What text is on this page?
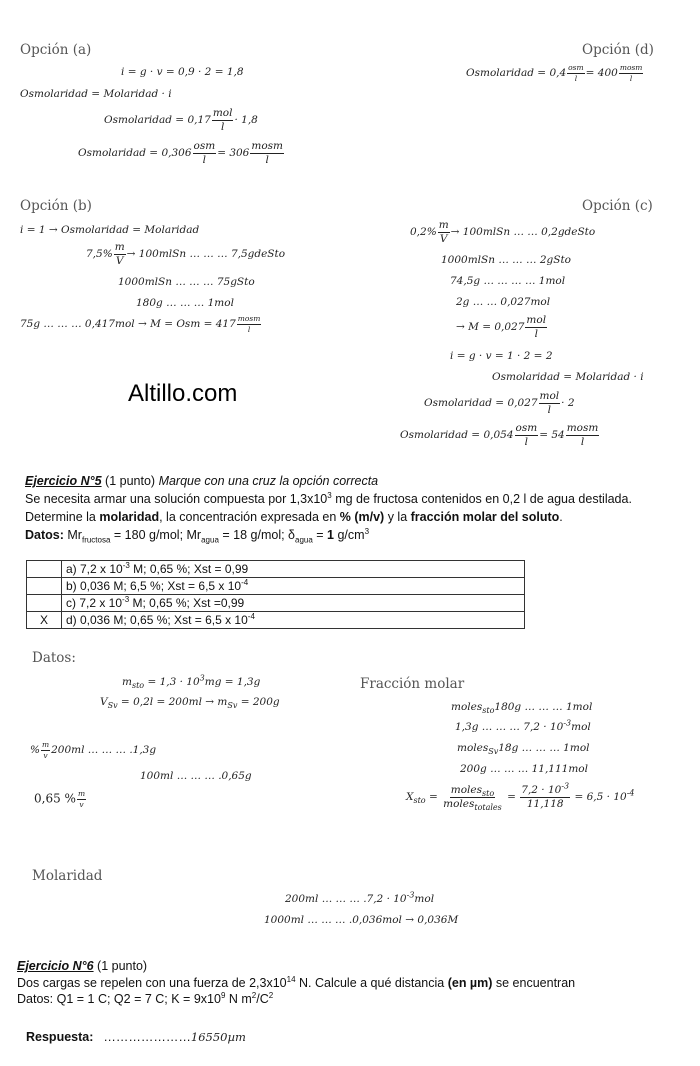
Opción (a)
i = g · v = 0,9 · 2 = 1,8
Osmolaridad = Molaridad · i
Osmolaridad = $0,17 \frac{\text{mol}}{l} \cdot 1,8$
Osmolaridad = $0,306 \frac{\text{osm}}{l} = 306 \frac{\text{mosm}}{l}$
Opción (d)
Osmolaridad = $0,4 \frac{\text{osm}}{l} = 400 \frac{\text{mosm}}{l}$
Opción (b)
i = 1 → Osmolaridad = Molaridad
$7,5\% \frac{m}{V}$ → 100mlSn … … … 7,5gdeSto
1000mlSn … … … 75gSto
180g … … … 1mol
75g … … … 0,417mol → M = Osm = $417 \frac{\text{mosm}}{l}$
Opción (c)
$0,2\% \frac{m}{V}$ → 100mlSn … … 0,2gdeSto
1000mlSn … … … 2gSto
74,5g … … … … 1mol
2g … … 0,027mol
→ $M = 0,027 \frac{\text{mol}}{l}$
i = g · v = 1 · 2 = 2
Osmolaridad = Molaridad · i
Osmolaridad = $0,027 \frac{\text{mol}}{l} \cdot 2$
Osmolaridad = $0,054 \frac{\text{osm}}{l} = 54 \frac{\text{mosm}}{l}$
Altillo.com
Ejercicio N°5 (1 punto) Marque con una cruz la opción correcta
Se necesita armar una solución compuesta por $1,3x10^3$ mg de fructosa contenidos en 0,2 l de agua destilada.
Determine la molaridad, la concentración expresada en % (m/v) y la fracción molar del soluto.
Datos: $Mr_{fructosa} = 180$ g/mol; $Mr_{agua} = 18$ g/mol; $\delta_{agua} = 1$ $g/cm^3$
	a) 7,2 x $10^{-3}$ M; 0,65 %; Xst = 0,99
	b) 0,036 M; 6,5 %; Xst = 6,5 x $10^{-4}$
	c) 7,2 x $10^{-3}$ M; 0,65 %; Xst =0,99
X	d) 0,036 M; 0,65 %; Xst = 6,5 x $10^{-4}$
Datos:
$m_{sto} = 1,3 \cdot 10^3mg = 1,3g$
$V_{Sv} = 0,2l = 200ml \to m_{Sv} = 200g$
% $\frac{m}{v} 200ml$ … … … .1,3g
100ml … … … .0,65g
0,65 % $\frac{m}{v}$
Fracción molar
moles$_{sto}$180g … … … 1mol
1,3g … … … $7,2 \cdot 10^{-3}mol$
moles$_{Sv}$18g … … … 1mol
200g … … … 11,111mol
$X_{sto} = \frac{moles_{sto}}{moles_{totales}} = \frac{7,2 \cdot 10^{-3}}{11,118} = 6,5 \cdot 10^{-4}$
Molaridad
200ml … … … $.7,2 \cdot 10^{-3}mol$
1000ml … … … .0,036mol → 0,036M
Ejercicio N°6 (1 punto)
Dos cargas se repelen con una fuerza de $2,3x10^{14}$ N. Calcule a qué distancia (en µm) se encuentran
Datos: Q1 = 1 C; Q2 = 7 C; $K = 9x10^9$ N $m^2/C^2$
Respuesta: …………………16550µm
